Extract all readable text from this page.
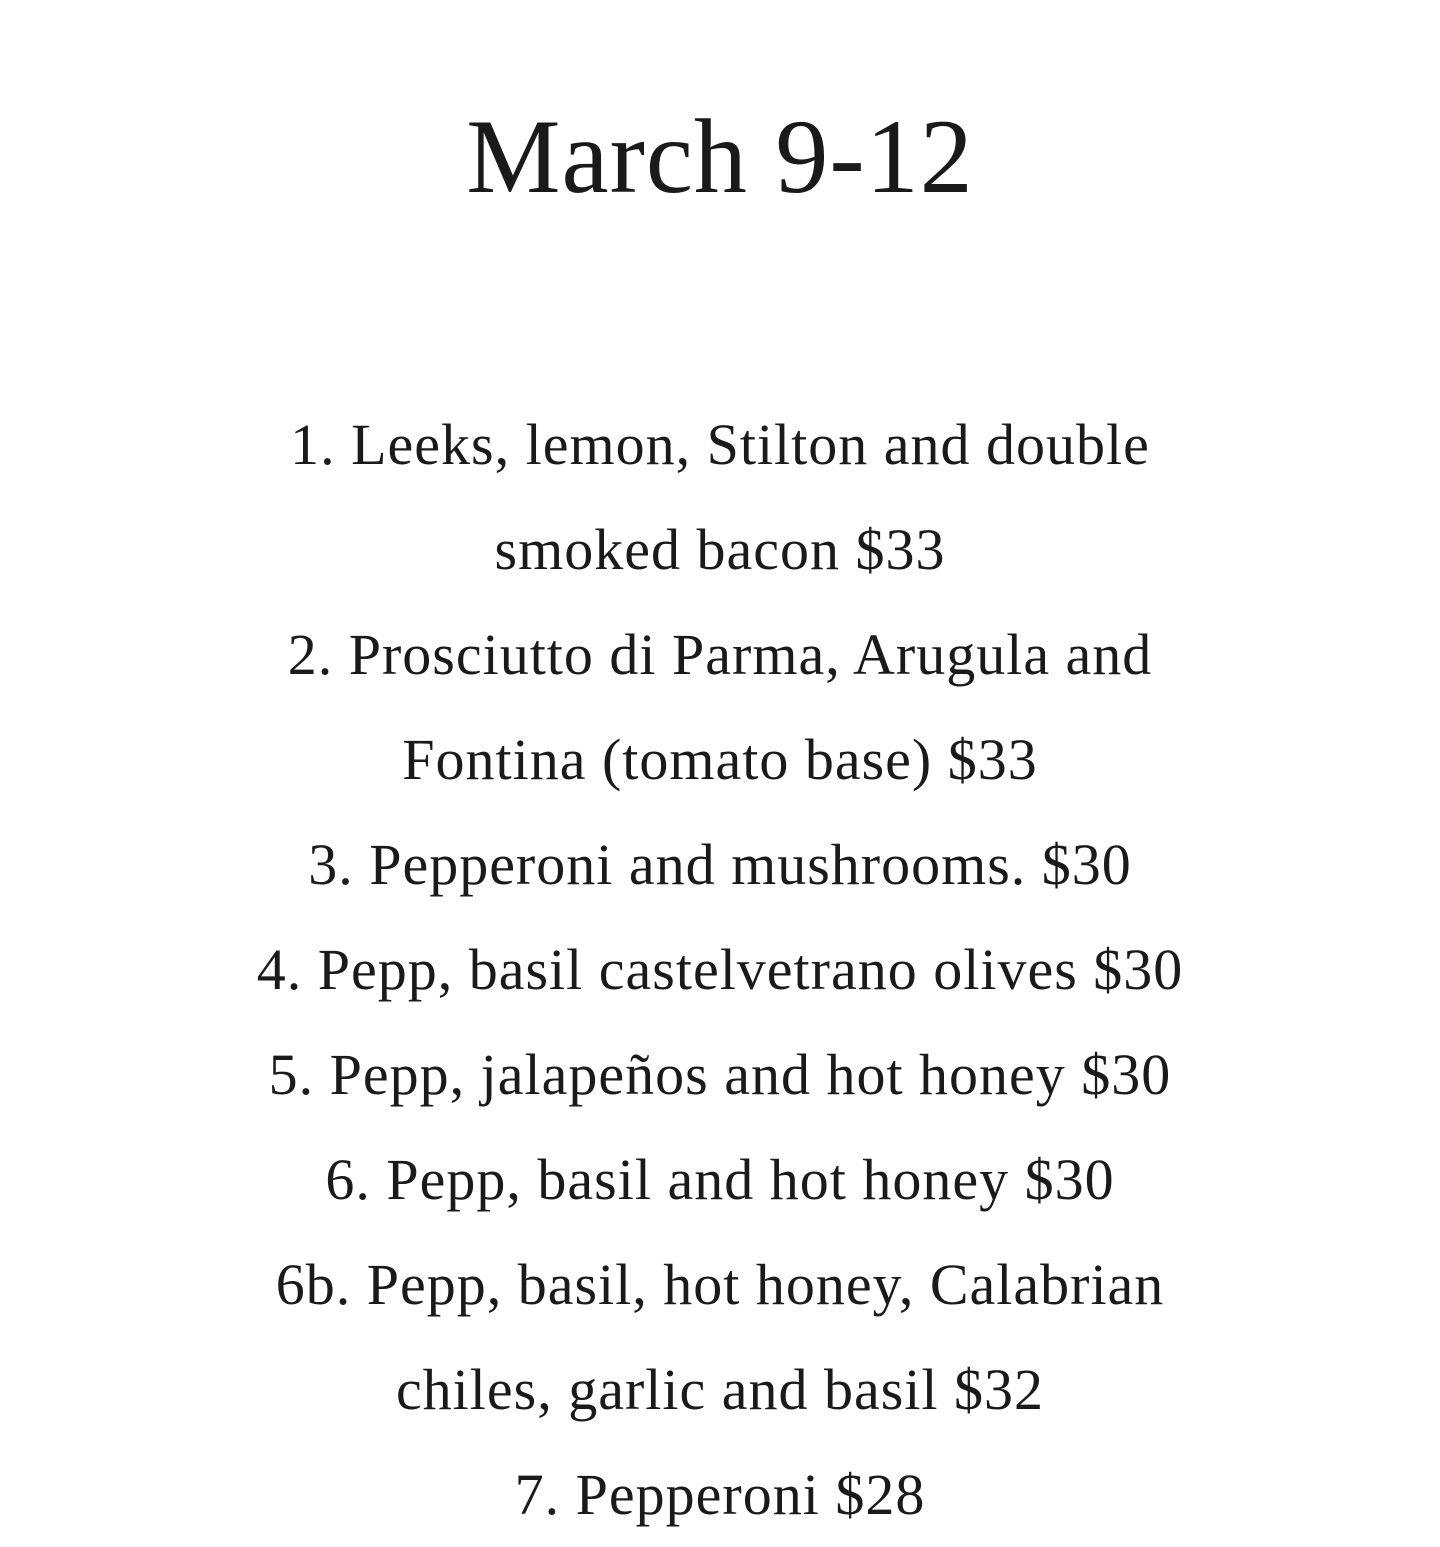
March 9-12
1. Leeks, lemon, Stilton and double smoked bacon $33
2. Prosciutto di Parma, Arugula and Fontina (tomato base) $33
3. Pepperoni and mushrooms. $30
4. Pepp, basil castelvetrano olives $30
5. Pepp, jalapeños and hot honey $30
6. Pepp, basil and hot honey $30
6b. Pepp, basil, hot honey, Calabrian chiles, garlic and basil $32
7. Pepperoni $28
